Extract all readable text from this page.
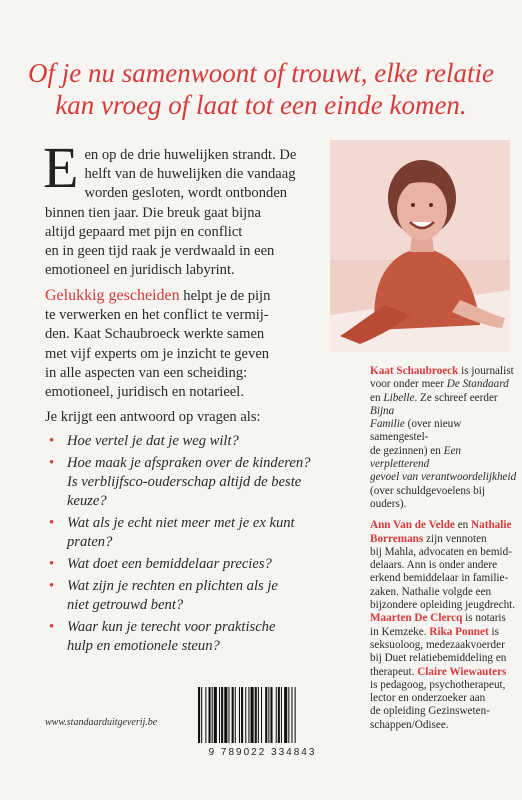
Of je nu samenwoont of trouwt, elke relatie
kan vroeg of laat tot een einde komen.
E en op de drie huwelijken strandt. De
helft van de huwelijken die vandaag
worden gesloten, wordt ontbonden
binnen tien jaar. Die breuk gaat bijna
altijd gepaard met pijn en conflict
en in geen tijd raak je verdwaald in een
emotioneel en juridisch labyrint.
Gelukkig gescheiden helpt je de pijn
te verwerken en het conflict te vermij-
den. Kaat Schaubroeck werkte samen
met vijf experts om je inzicht te geven
in alle aspecten van een scheiding:
emotioneel, juridisch en notarieel.
Je krijgt een antwoord op vragen als:
• Hoe vertel je dat je weg wilt?
• Hoe maak je afspraken over de kinderen?
Is verblijfsco-ouderschap altijd de beste
keuze?
• Wat als je echt niet meer met je ex kunt
praten?
• Wat doet een bemiddelaar precies?
• Wat zijn je rechten en plichten als je
niet getrouwd bent?
• Waar kun je terecht voor praktische
hulp en emotionele steun?

Kaat Schaubroeck is journalist
voor onder meer De Standaard
en Libelle. Ze schreef eerder Bijna
Familie (over nieuw samengestel-
de gezinnen) en Een verpletterend
gevoel van verantwoordelijkheid
(over schuldgevoelens bij
ouders).

Ann Van de Velde en Nathalie
Borremans zijn vennoten
bij Mahla, advocaten en bemid-
delaars. Ann is onder andere
erkend bemiddelaar in familie-
zaken. Nathalie volgde een
bijzondere opleiding jeugdrecht.
Maarten De Clercq is notaris
in Kemzeke. Rika Ponnet is
seksuoloog, medezaakvoerder
bij Duet relatiebemiddeling en
therapeut. Claire Wiewauters
is pedagoog, psychotherapeut,
lector en onderzoeker aan
de opleiding Gezinsweten-
schappen/Odisee.

www.standaarduitgeverij.be
9 789022 334843
